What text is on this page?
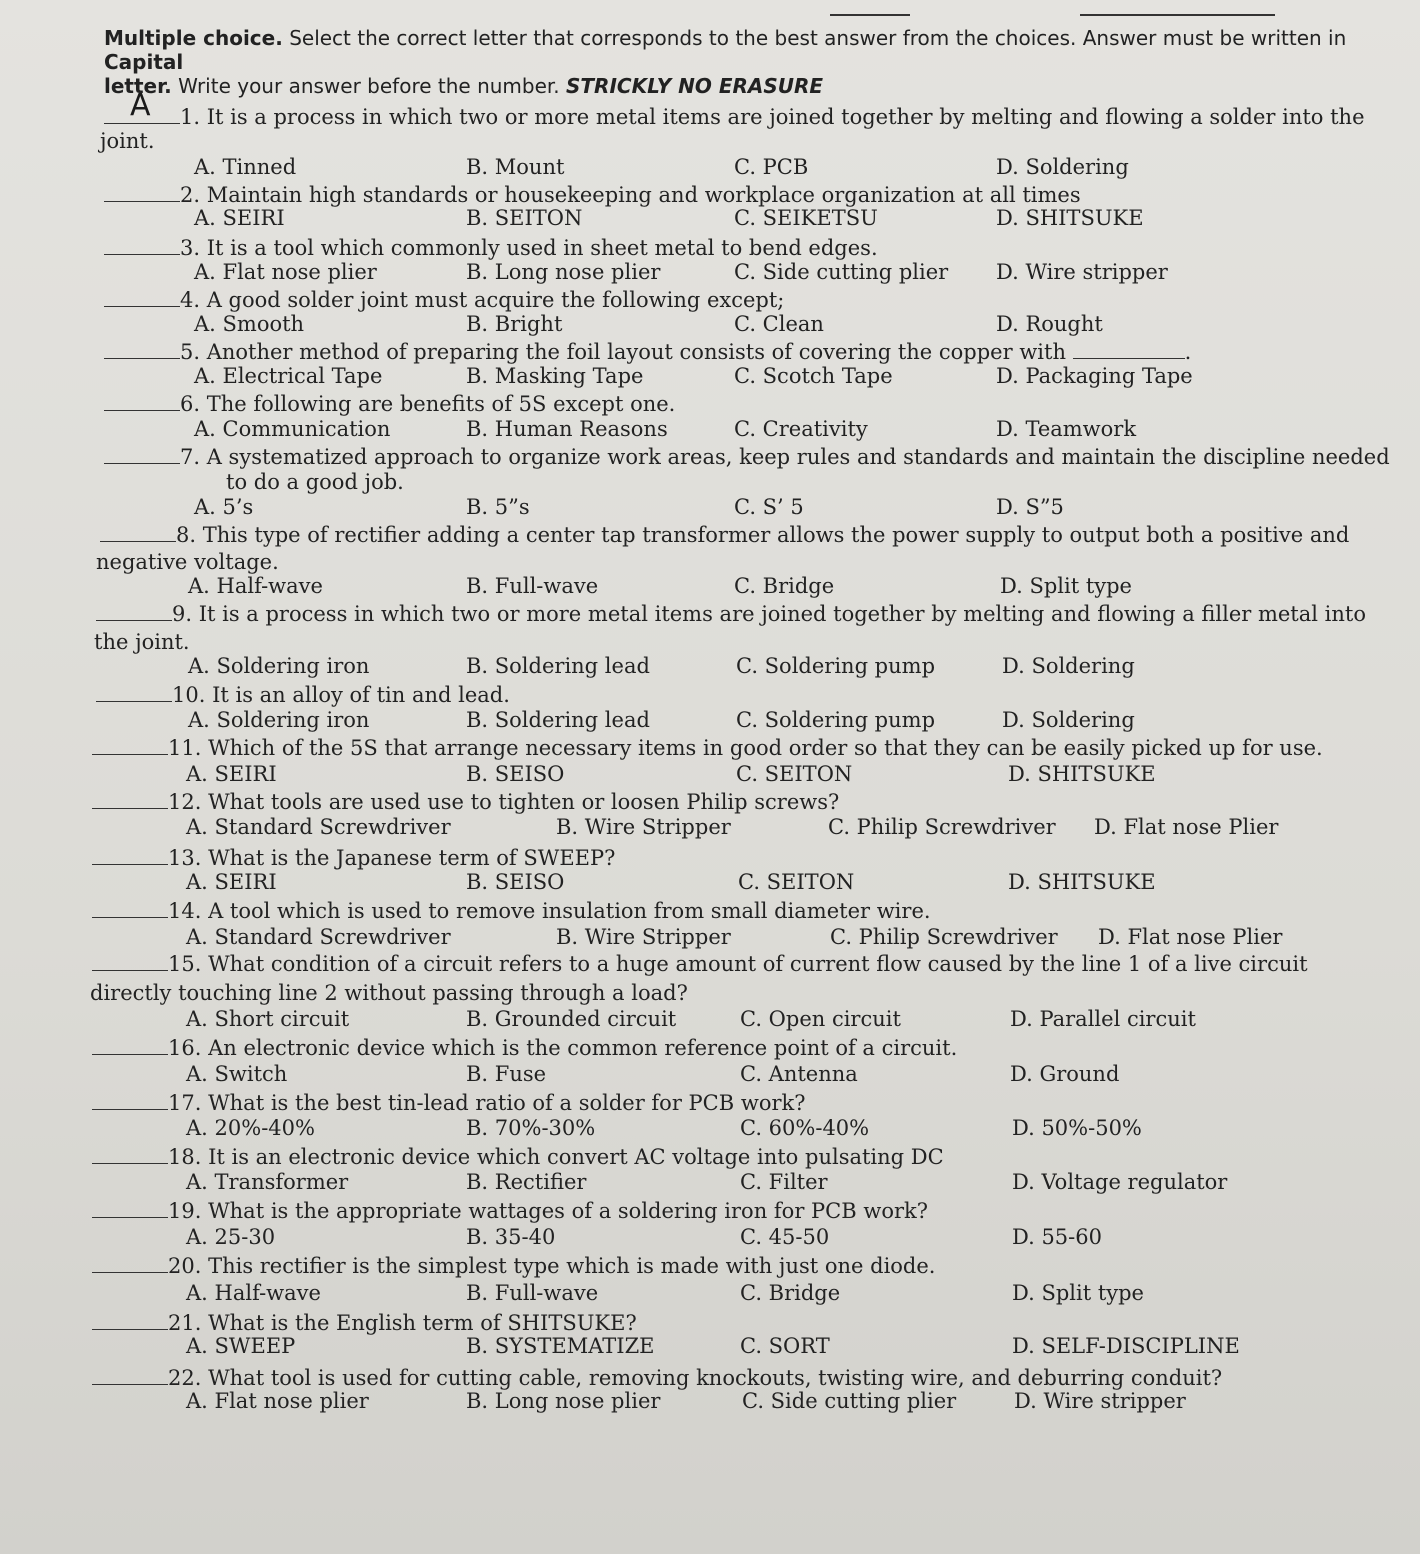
Multiple choice. Select the correct letter that corresponds to the best answer from the choices. Answer must be written in Capital
letter. Write your answer before the number. STRICKLY NO ERASURE
A 1. It is a process in which two or more metal items are joined together by melting and flowing a solder into the
joint.
A. Tinned	B. Mount	C. PCB	D. Soldering
2. Maintain high standards or housekeeping and workplace organization at all times
A. SEIRI	B. SEITON	C. SEIKETSU	D. SHITSUKE
3. It is a tool which commonly used in sheet metal to bend edges.
A. Flat nose plier	B. Long nose plier	C. Side cutting plier D. Wire stripper
4. A good solder joint must acquire the following except;
A. Smooth	B. Bright	C. Clean	D. Rought
5. Another method of preparing the foil layout consists of covering the copper with	.
A. Electrical Tape	B. Masking Tape	C. Scotch Tape	D. Packaging Tape
6. The following are benefits of 5S except one.
A. Communication	B. Human Reasons	C. Creativity	D. Teamwork
7. A systematized approach to organize work areas, keep rules and standards and maintain the discipline needed
to do a good job.
A. 5’s	B. 5”s	C. S’ 5	D. S”5
8. This type of rectifier adding a center tap transformer allows the power supply to output both a positive and
negative voltage.
A. Half-wave	B. Full-wave	C. Bridge	D. Split type
9. It is a process in which two or more metal items are joined together by melting and flowing a filler metal into
the joint.
A. Soldering iron	B. Soldering lead	C. Soldering pump	D. Soldering
10. It is an alloy of tin and lead.
A. Soldering iron	B. Soldering lead	C. Soldering pump	D. Soldering
11. Which of the 5S that arrange necessary items in good order so that they can be easily picked up for use.
A. SEIRI	B. SEISO	C. SEITON	D. SHITSUKE
12. What tools are used use to tighten or loosen Philip screws?
A. Standard Screwdriver	B. Wire Stripper	C. Philip Screwdriver D. Flat nose Plier
13. What is the Japanese term of SWEEP?
A. SEIRI	B. SEISO	C. SEITON	D. SHITSUKE
14. A tool which is used to remove insulation from small diameter wire.
A. Standard Screwdriver	B. Wire Stripper	C. Philip Screwdriver D. Flat nose Plier
15. What condition of a circuit refers to a huge amount of current flow caused by the line 1 of a live circuit
directly touching line 2 without passing through a load?
A. Short circuit	B. Grounded circuit	C. Open circuit	D. Parallel circuit
16. An electronic device which is the common reference point of a circuit.
A. Switch	B. Fuse	C. Antenna	D. Ground
17. What is the best tin-lead ratio of a solder for PCB work?
A. 20%-40%	B. 70%-30%	C. 60%-40%	D. 50%-50%
18. It is an electronic device which convert AC voltage into pulsating DC
A. Transformer	B. Rectifier	C. Filter	D. Voltage regulator
19. What is the appropriate wattages of a soldering iron for PCB work?
A. 25-30	B. 35-40	C. 45-50	D. 55-60
20. This rectifier is the simplest type which is made with just one diode.
A. Half-wave	B. Full-wave	C. Bridge	D. Split type
21. What is the English term of SHITSUKE?
A. SWEEP	B. SYSTEMATIZE	C. SORT	D. SELF-DISCIPLINE
22. What tool is used for cutting cable, removing knockouts, twisting wire, and deburring conduit?
A. Flat nose plier	B. Long nose plier	C. Side cutting plier	D. Wire stripper
